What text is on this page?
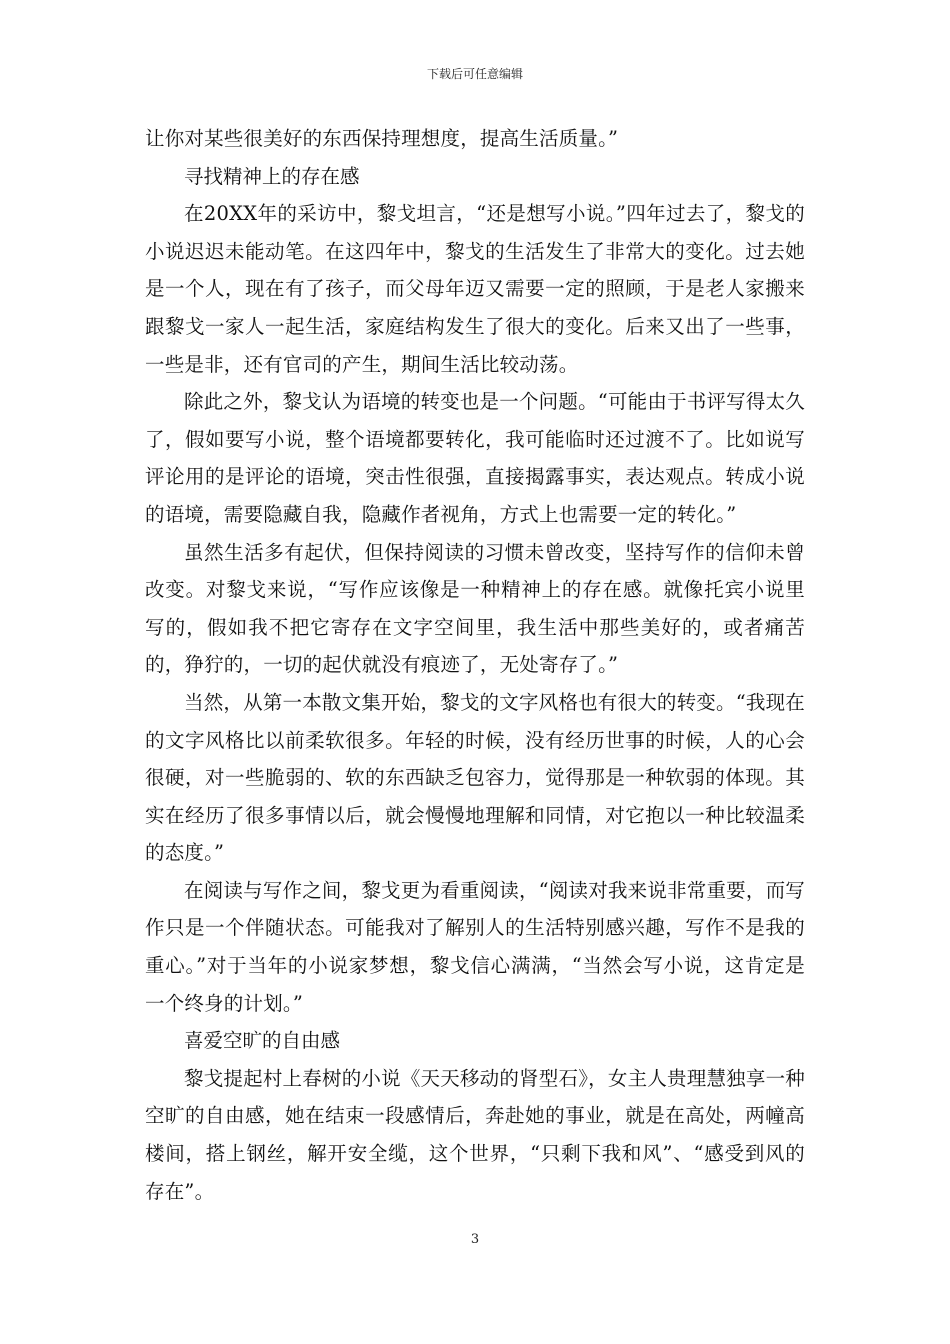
下载后可任意编辑

让你对某些很美好的东西保持理想度，提高生活质量。”

寻找精神上的存在感

在20XX年的采访中，黎戈坦言，“还是想写小说。”四年过去了，黎戈的小说迟迟未能动笔。在这四年中，黎戈的生活发生了非常大的变化。过去她是一个人，现在有了孩子，而父母年迈又需要一定的照顾，于是老人家搬来跟黎戈一家人一起生活，家庭结构发生了很大的变化。后来又出了一些事，一些是非，还有官司的产生，期间生活比较动荡。

除此之外，黎戈认为语境的转变也是一个问题。“可能由于书评写得太久了，假如要写小说，整个语境都要转化，我可能临时还过渡不了。比如说写评论用的是评论的语境，突击性很强，直接揭露事实，表达观点。转成小说的语境，需要隐藏自我，隐藏作者视角，方式上也需要一定的转化。”

虽然生活多有起伏，但保持阅读的习惯未曾改变，坚持写作的信仰未曾改变。对黎戈来说，“写作应该像是一种精神上的存在感。就像托宾小说里写的，假如我不把它寄存在文字空间里，我生活中那些美好的，或者痛苦的，狰狞的，一切的起伏就没有痕迹了，无处寄存了。”

当然，从第一本散文集开始，黎戈的文字风格也有很大的转变。“我现在的文字风格比以前柔软很多。年轻的时候，没有经历世事的时候，人的心会很硬，对一些脆弱的、软的东西缺乏包容力，觉得那是一种软弱的体现。其实在经历了很多事情以后，就会慢慢地理解和同情，对它抱以一种比较温柔的态度。”

在阅读与写作之间，黎戈更为看重阅读，“阅读对我来说非常重要，而写作只是一个伴随状态。可能我对了解别人的生活特别感兴趣，写作不是我的重心。”对于当年的小说家梦想，黎戈信心满满，“当然会写小说，这肯定是一个终身的计划。”

喜爱空旷的自由感

黎戈提起村上春树的小说《天天移动的肾型石》，女主人贵理慧独享一种空旷的自由感，她在结束一段感情后，奔赴她的事业，就是在高处，两幢高楼间，搭上钢丝，解开安全缆，这个世界，“只剩下我和风”、“感受到风的存在”。

3
